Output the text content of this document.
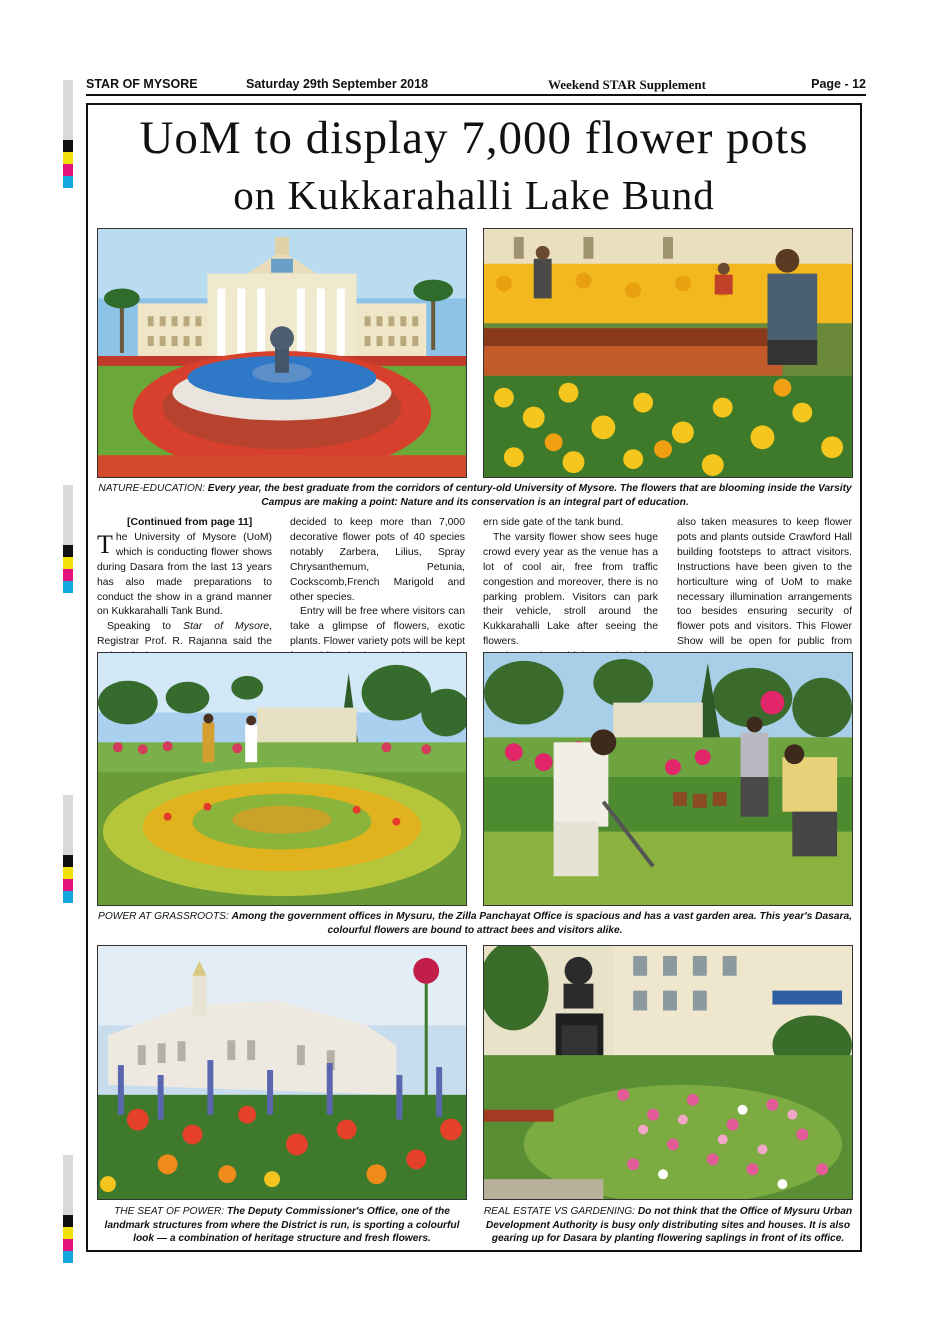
STAR OF MYSORE	Saturday 29th September 2018	Weekend STAR Supplement	Page - 12
UoM to display 7,000 flower pots
on Kukkarahalli Lake Bund
NATURE-EDUCATION: Every year, the best graduate from the corridors of century-old University of Mysore. The flowers that are blooming inside the Varsity Campus are making a point: Nature and its conservation is an integral part of education.
[Continued from page 11]

The University of Mysore (UoM) which is conducting flower shows during Dasara from the last 13 years has also made preparations to conduct the show in a grand manner on Kukkarahalli Tank Bund.

Speaking to Star of Mysore, Registrar Prof. R. Rajanna said the

decided to keep more than 7,000 decorative flower pots of 40 species notably Zarbera, Lilius, Spray Chrysanthemum, Petunia, Cockscomb,French Marigold and other species.

Entry will be free where visitors can take a glimpse of flowers, exotic plants. Flower variety pots will be kept

ern side gate of the tank bund.

The varsity flower show sees huge crowd every year as the venue has a lot of cool air, free from traffic congestion and moreover, there is no parking problem. Visitors can park their vehicle, stroll around the Kukkarahalli Lake after seeing the flowers.

also taken measures to keep flower pots and plants outside Crawford Hall building footsteps to attract visitors. Instructions have been given to the horticulture wing of UoM to make necessary illumination arrangements too besides ensuring security of flower pots and visitors. This Flower Show will be open for public from

POWER AT GRASSROOTS: Among the government offices in Mysuru, the Zilla Panchayat Office is spacious and has a vast garden area. This year's Dasara, colourful flowers are bound to attract bees and visitors alike.
THE SEAT OF POWER: The Deputy Commissioner's Office, one of the landmark structures from where the District is run, is sporting a colourful look — a combination of heritage structure and fresh flowers.
REAL ESTATE VS GARDENING: Do not think that the Office of Mysuru Urban Development Authority is busy only distributing sites and houses. It is also gearing up for Dasara by planting flowering saplings in front of its office.
